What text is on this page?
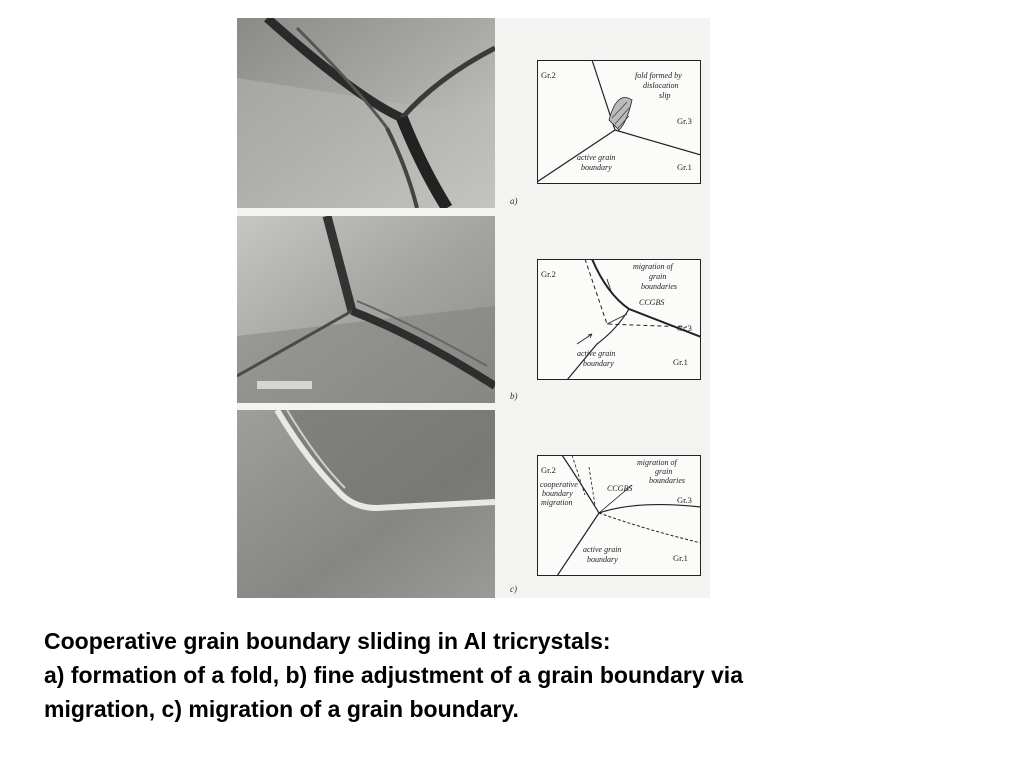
Gr.2
Gr.3
Gr.1
fold formed by
dislocation
slip
active grain
boundary
a)
Gr.2
Gr.3
Gr.1
migration of
grain
boundaries
CCGBS
active grain
boundary
b)
Gr.2
Gr.3
Gr.1
migration of
grain
boundaries
CCGBS
cooperative
boundary
migration
active grain
boundary
c)
Cooperative grain boundary sliding in Al tricrystals:
a) formation of a fold, b) fine adjustment of a grain boundary via
migration, c) migration of a grain boundary.
